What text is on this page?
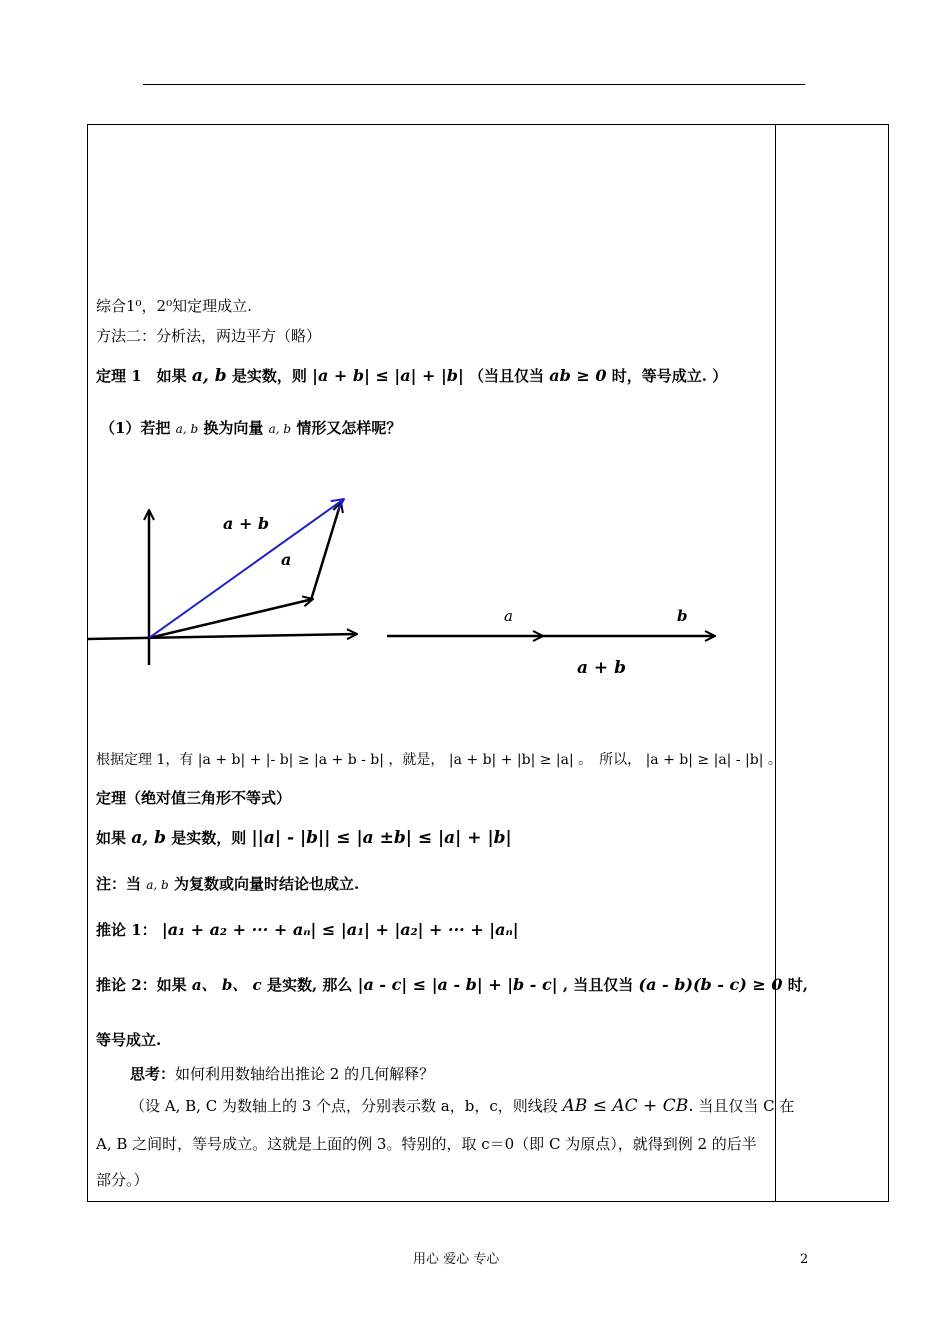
综合1⁰，2⁰知定理成立.
方法二：分析法，两边平方（略）
定理 1　如果 a, b 是实数，则 |a + b| ≤ |a| + |b| （当且仅当 ab ≥ 0 时，等号成立. ）
（1）若把 a, b 换为向量 a, b 情形又怎样呢？
a + b
a
a	b
a + b
根据定理 1，有 |a + b| + |- b| ≥ |a + b - b| ，就是， |a + b| + |b| ≥ |a| 。　所以， |a + b| ≥ |a| - |b| 。
定理（绝对值三角形不等式）
如果 a, b 是实数，则 ||a| - |b|| ≤ |a ±b| ≤ |a| + |b|
注：当 a, b 为复数或向量时结论也成立.
推论 1： |a₁ + a₂ + ··· + aₙ| ≤ |a₁| + |a₂| + ··· + |aₙ|
推论 2：如果 a、 b、 c 是实数, 那么 |a - c| ≤ |a - b| + |b - c| , 当且仅当 (a - b)(b - c) ≥ 0 时,
等号成立.
思考：如何利用数轴给出推论 2 的几何解释？
（设 A, B, C 为数轴上的 3 个点，分别表示数 a，b，c，则线段 AB ≤ AC + CB. 当且仅当 C 在
A, B 之间时，等号成立。这就是上面的例 3。特别的，取 c＝0（即 C 为原点），就得到例 2 的后半
部分。）
用心 爱心 专心	2
